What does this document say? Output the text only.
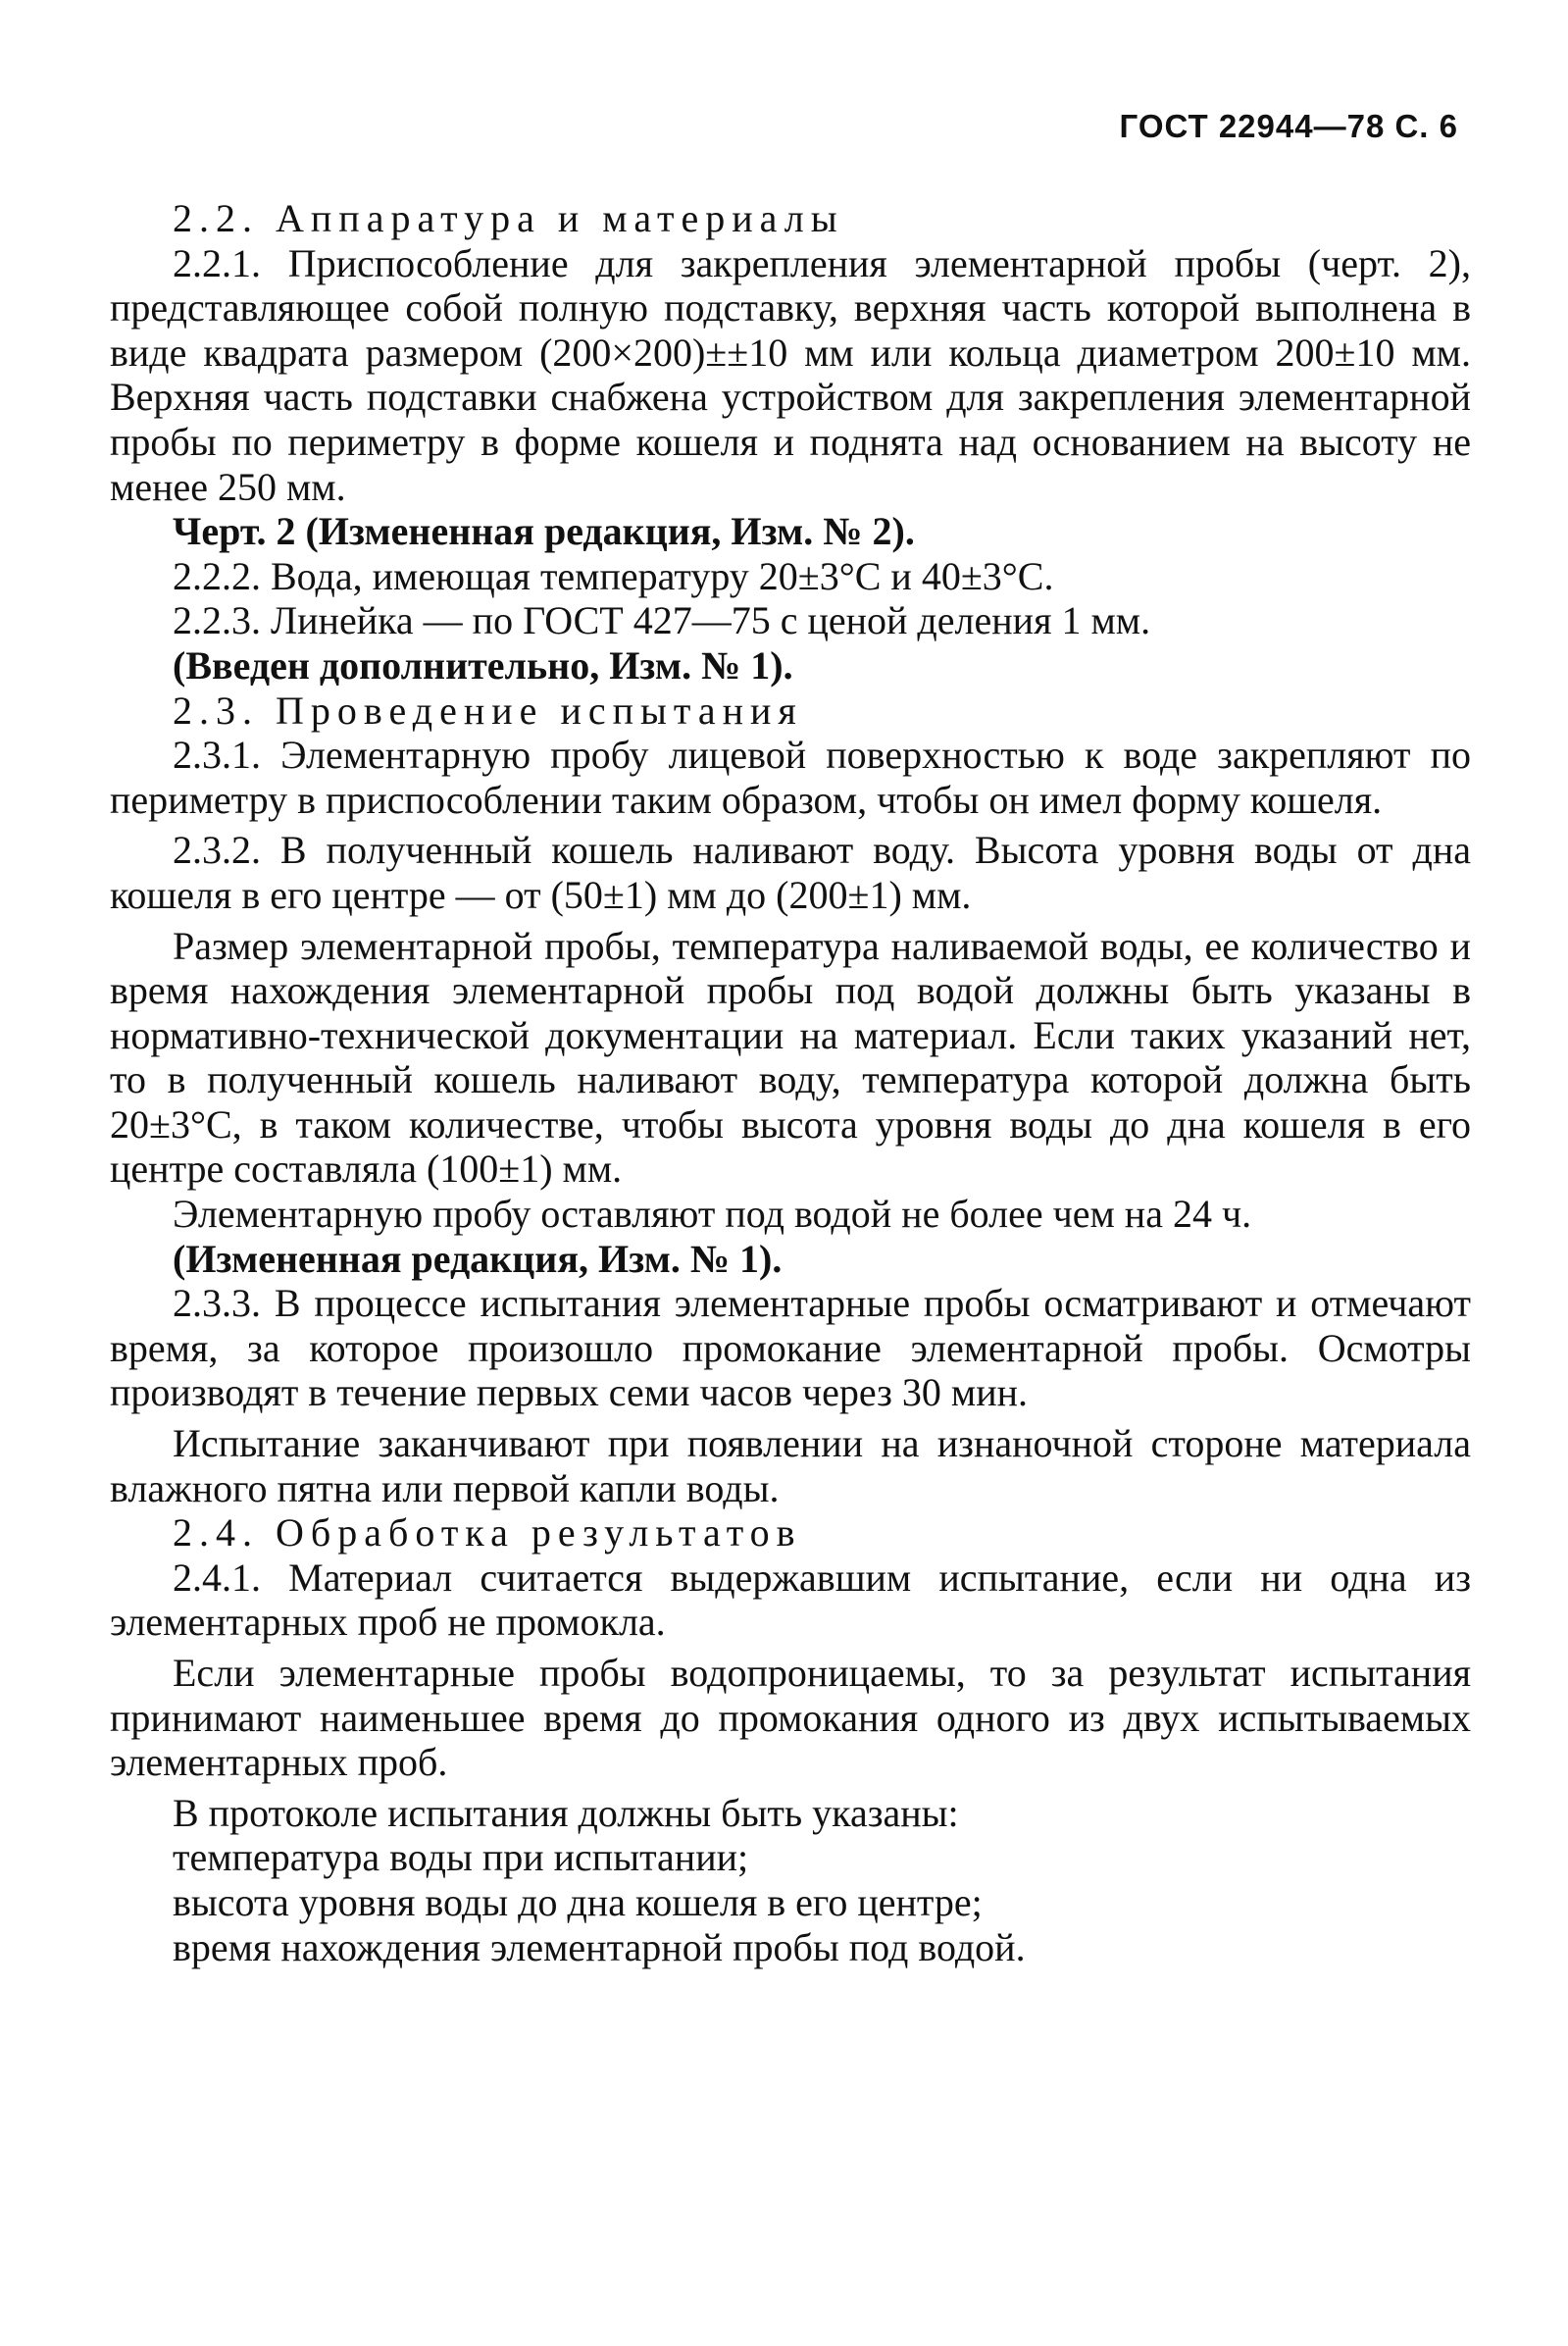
ГОСТ 22944—78 С. 6

2.2. Аппаратура и материалы

2.2.1. Приспособление для закрепления элементарной пробы (черт. 2), представляющее собой полную подставку, верхняя часть которой выполнена в виде квадрата размером (200×200)±±10 мм или кольца диаметром 200±10 мм. Верхняя часть подставки снабжена устройством для закрепления элементарной пробы по периметру в форме кошеля и поднята над основанием на высоту не менее 250 мм.

Черт. 2 (Измененная редакция, Изм. № 2).

2.2.2. Вода, имеющая температуру 20±3°С и 40±3°С.

2.2.3. Линейка — по ГОСТ 427—75 с ценой деления 1 мм.

(Введен дополнительно, Изм. № 1).

2.3. Проведение испытания

2.3.1. Элементарную пробу лицевой поверхностью к воде закрепляют по периметру в приспособлении таким образом, чтобы он имел форму кошеля.

2.3.2. В полученный кошель наливают воду. Высота уровня воды от дна кошеля в его центре — от (50±1) мм до (200±1) мм.

Размер элементарной пробы, температура наливаемой воды, ее количество и время нахождения элементарной пробы под водой должны быть указаны в нормативно-технической документации на материал. Если таких указаний нет, то в полученный кошель наливают воду, температура которой должна быть 20±3°С, в таком количестве, чтобы высота уровня воды до дна кошеля в его центре составляла (100±1) мм.

Элементарную пробу оставляют под водой не более чем на 24 ч.

(Измененная редакция, Изм. № 1).

2.3.3. В процессе испытания элементарные пробы осматривают и отмечают время, за которое произошло промокание элементарной пробы. Осмотры производят в течение первых семи часов через 30 мин.

Испытание заканчивают при появлении на изнаночной стороне материала влажного пятна или первой капли воды.

2.4. Обработка результатов

2.4.1. Материал считается выдержавшим испытание, если ни одна из элементарных проб не промокла.

Если элементарные пробы водопроницаемы, то за результат испытания принимают наименьшее время до промокания одного из двух испытываемых элементарных проб.

В протоколе испытания должны быть указаны:

температура воды при испытании;

высота уровня воды до дна кошеля в его центре;

время нахождения элементарной пробы под водой.
